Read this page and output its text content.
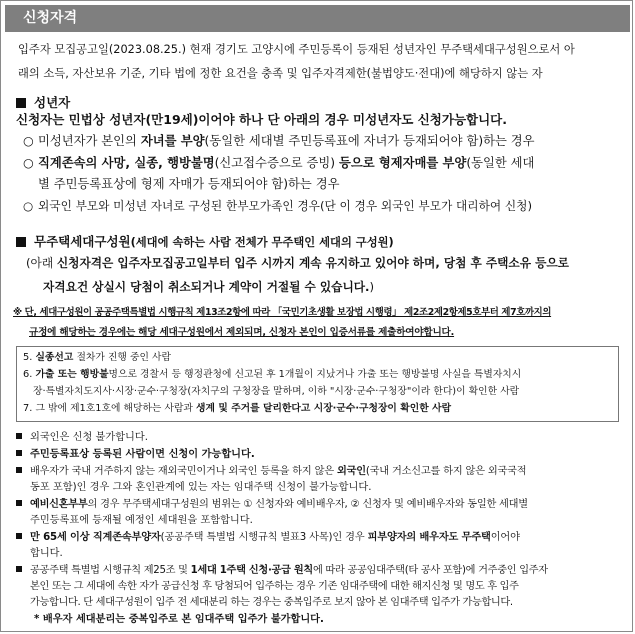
신청자격
입주자 모집공고일(2023.08.25.) 현재 경기도 고양시에 주민등록이 등재된 성년자인 무주택세대구성원으로서 아
래의 소득, 자산보유 기준, 기타 법에 정한 요건을 충족 및 입주자격제한(불법양도·전대)에 해당하지 않는 자
성년자
신청자는 민법상 성년자(만19세)이어야 하나 단 아래의 경우 미성년자도 신청가능합니다.
○ 미성년자가 본인의 자녀를 부양(동일한 세대별 주민등록표에 자녀가 등재되어야 함)하는 경우
○ 직계존속의 사망, 실종, 행방불명(신고접수증으로 증빙) 등으로 형제자매를 부양(동일한 세대
별 주민등록표상에 형제 자매가 등재되어야 함)하는 경우
○ 외국인 부모와 미성년 자녀로 구성된 한부모가족인 경우(단 이 경우 외국인 부모가 대리하여 신청)
무주택세대구성원(세대에 속하는 사람 전체가 무주택인 세대의 구성원)
(아래 신청자격은 입주자모집공고일부터 입주 시까지 계속 유지하고 있어야 하며, 당첨 후 주택소유 등으로
자격요건 상실시 당첨이 취소되거나 계약이 거절될 수 있습니다.)
※ 단, 세대구성원이 공공주택특별법 시행규칙 제13조2항에 따라 「국민기초생활 보장법 시행령」 제2조2제2항제5호부터 제7호까지의
규정에 해당하는 경우에는 해당 세대구성원에서 제외되며, 신청자 본인이 입증서류를 제출하여야합니다.
5. 실종선고 절차가 진행 중인 사람
6. 가출 또는 행방불명으로 경찰서 등 행정관청에 신고된 후 1개월이 지났거나 가출 또는 행방불명 사실을 특별자치시
장·특별자치도지사·시장·군수·구청장(자치구의 구청장을 말하며, 이하 "시장·군수·구청장"이라 한다)이 확인한 사람
7. 그 밖에 제1호1호에 해당하는 사람과 생계 및 주거를 달리한다고 시장·군수·구청장이 확인한 사람
외국인은 신청 불가합니다.
주민등록표상 등록된 사람이면 신청이 가능합니다.
배우자가 국내 거주하지 않는 재외국민이거나 외국인 등록을 하지 않은 외국인(국내 거소신고를 하지 않은 외국국적
동포 포함)인 경우 그와 혼인관계에 있는 자는 임대주택 신청이 불가능합니다.
예비신혼부부의 경우 무주택세대구성원의 범위는 ① 신청자와 예비배우자, ② 신청자 및 예비배우자와 동일한 세대별
주민등록표에 등재될 예정인 세대원을 포함합니다.
만 65세 이상 직계존속부양자(공공주택 특별법 시행규칙 별표3 사목)인 경우 피부양자의 배우자도 무주택이어야
합니다.
공공주택 특별법 시행규칙 제25조 및 1세대 1주택 신청·공급 원칙에 따라 공공임대주택(타 공사 포함)에 거주중인 입주자
본인 또는 그 세대에 속한 자가 공급신청 후 당첨되어 입주하는 경우 기존 임대주택에 대한 해지신청 및 명도 후 입주
가능합니다. 단 세대구성원이 입주 전 세대분리 하는 경우는 중복입주로 보지 않아 본 임대주택 입주가 가능합니다.
* 배우자 세대분리는 중복입주로 본 임대주택 입주가 불가합니다.
